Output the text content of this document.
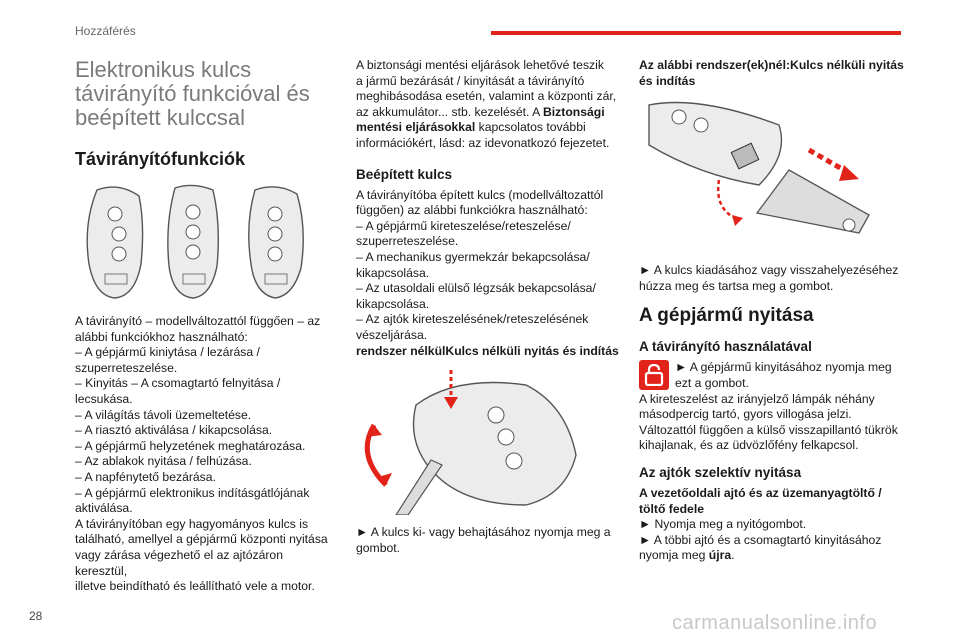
Hozzáférés
Elektronikus kulcs
távirányító funkcióval és
beépített kulccsal
Távirányítófunkciók

A távirányító – modellváltozattól függően – az
alábbi funkciókhoz használható:

– A gépjármű kiniytása / lezárása /
szuperreteszelése.
– Kinyitás – A csomagtartó felnyitása /
lecsukása.
– A világítás távoli üzemeltetése.
– A riasztó aktiválása / kikapcsolása.
– A gépjármű helyzetének meghatározása.
– Az ablakok nyitása / felhúzása.
– A napfénytető bezárása.
– A gépjármű elektronikus indításgátlójának
aktiválása.

A távirányítóban egy hagyományos kulcs is
található, amellyel a gépjármű központi nyitása
vagy zárása végezhető el az ajtózáron keresztül,
illetve beindítható és leállítható vele a motor.

A biztonsági mentési eljárások lehetővé teszik
a jármű bezárását / kinyitását a távirányító
meghibásodása esetén, valamint a központi zár,
az akkumulátor... stb. kezelését. A Biztonsági
mentési eljárásokkal kapcsolatos további
információkért, lásd: az idevonatkozó fejezetet.

Beépített kulcs
A távirányítóba épített kulcs (modellváltozattól
függően) az alábbi funkciókra használható:
– A gépjármű kireteszelése/reteszelése/
szuperreteszelése.
– A mechanikus gyermekzár bekapcsolása/
kikapcsolása.
– Az utasoldali elülső légzsák bekapcsolása/
kikapcsolása.
– Az ajtók kireteszelésének/reteszelésének
vészeljárása.
rendszer nélkülKulcs nélküli nyitás és indítás

► A kulcs ki- vagy behajtásához nyomja meg a
gombot.

Az alábbi rendszer(ek)nél:Kulcs nélküli nyitás
és indítás

► A kulcs kiadásához vagy visszahelyezéséhez
húzza meg és tartsa meg a gombot.

A gépjármű nyitása
A távirányító használatával
► A gépjármű kinyitásához nyomja meg
ezt a gombot.

A kireteszelést az irányjelző lámpák néhány
másodpercig tartó, gyors villogása jelzi.
Változattól függően a külső visszapillantó tükrök
kihajlanak, és az üdvözlőfény felkapcsol.

Az ajtók szelektív nyitása
A vezetőoldali ajtó és az üzemanyagtöltő /
töltő fedele
► Nyomja meg a nyitógombot.
► A többi ajtó és a csomagtartó kinyitásához
nyomja meg újra.
28	carmanualsonline.info
